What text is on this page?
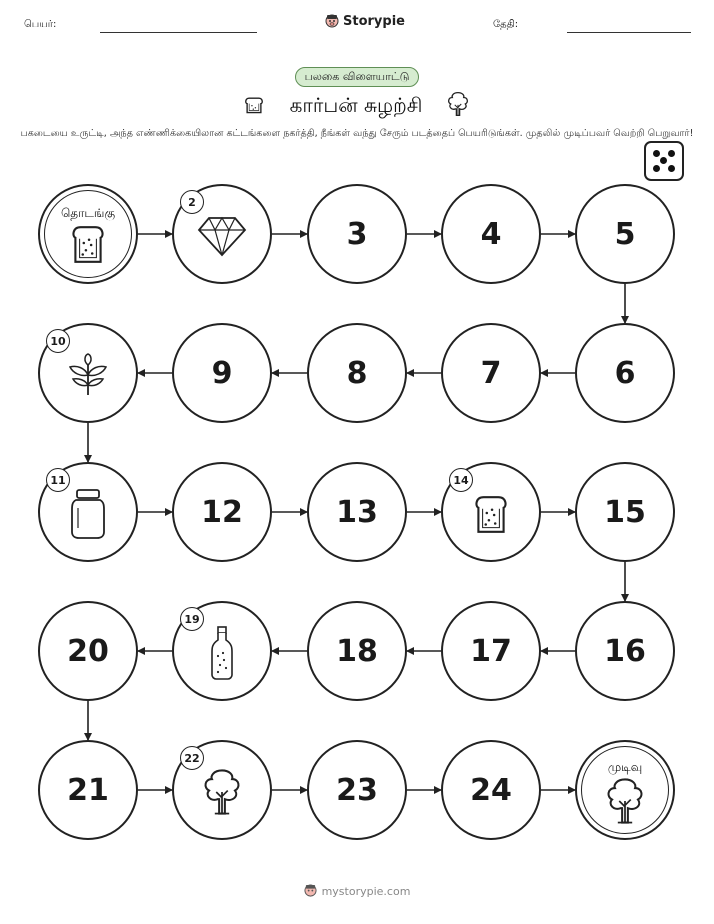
பெயர்:	Storypie	தேதி:
பலகை விளையாட்டு
கார்பன் சுழற்சி
பகடையை உருட்டி, அந்த எண்ணிக்கையிலான கட்டங்களை நகர்த்தி, நீங்கள் வந்து சேரும் படத்தைப் பெயரிடுங்கள். முதலில் முடிப்பவர் வெற்றி பெறுவார்!
தொடங்கு
2
3	4	5
6
7
8
9
10
11
12	13
14
15
16
17
18
19
20
21
22
23	24
முடிவு
mystorypie.com
